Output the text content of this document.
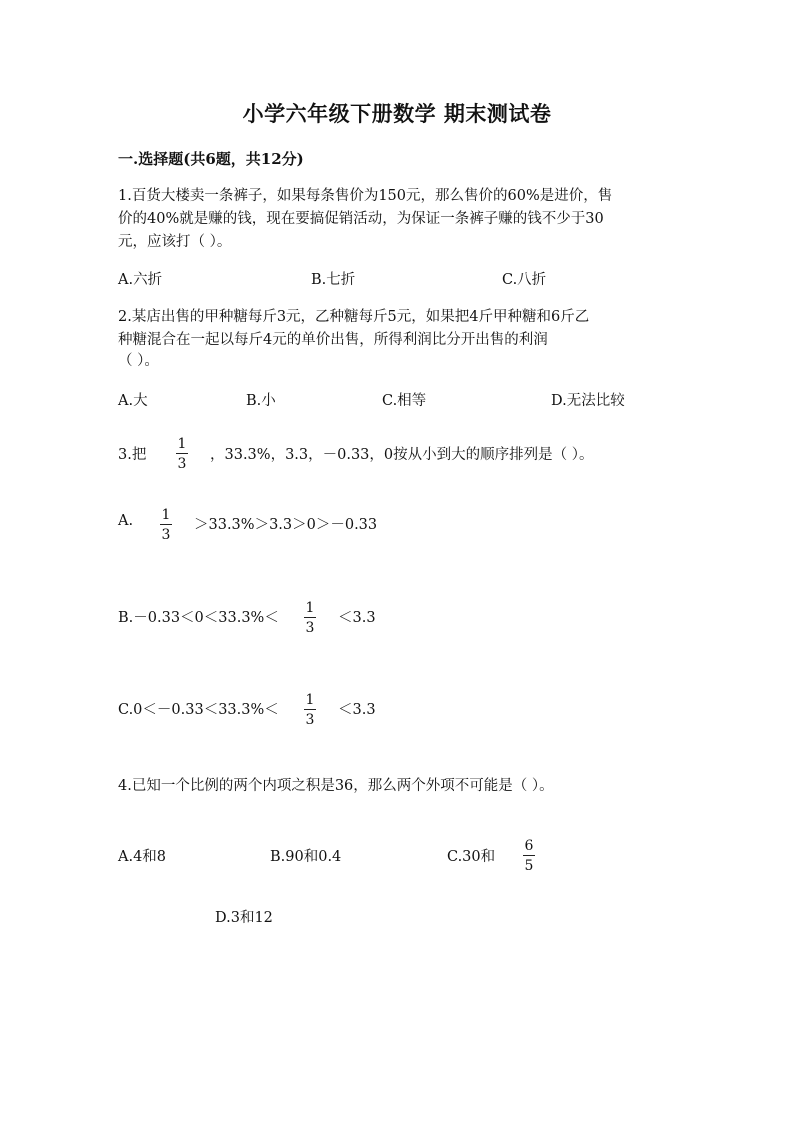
小学六年级下册数学 期末测试卷
一.选择题(共6题，共12分)
1.百货大楼卖一条裤子，如果每条售价为150元，那么售价的60%是进价，售
价的40%就是赚的钱，现在要搞促销活动，为保证一条裤子赚的钱不少于30
元，应该打（ ）。
A.六折	B.七折	C.八折
2.某店出售的甲种糖每斤3元，乙种糖每斤5元，如果把4斤甲种糖和6斤乙
种糖混合在一起以每斤4元的单价出售，所得利润比分开出售的利润
（ ）。
A.大	B.小	C.相等	D.无法比较
3.把
1
3
，33.3%，3.3，－0.33，0按从小到大的顺序排列是（ ）。
A. 1
3
＞33.3%＞3.3＞0＞－0.33
B.－0.33＜0＜33.3%＜
1
3
＜3.3
C.0＜－0.33＜33.3%＜
1
3
＜3.3
4.已知一个比例的两个内项之积是36，那么两个外项不可能是（ ）。
A.4和8	B.90和0.4	C.30和
6
5
D.3和12
